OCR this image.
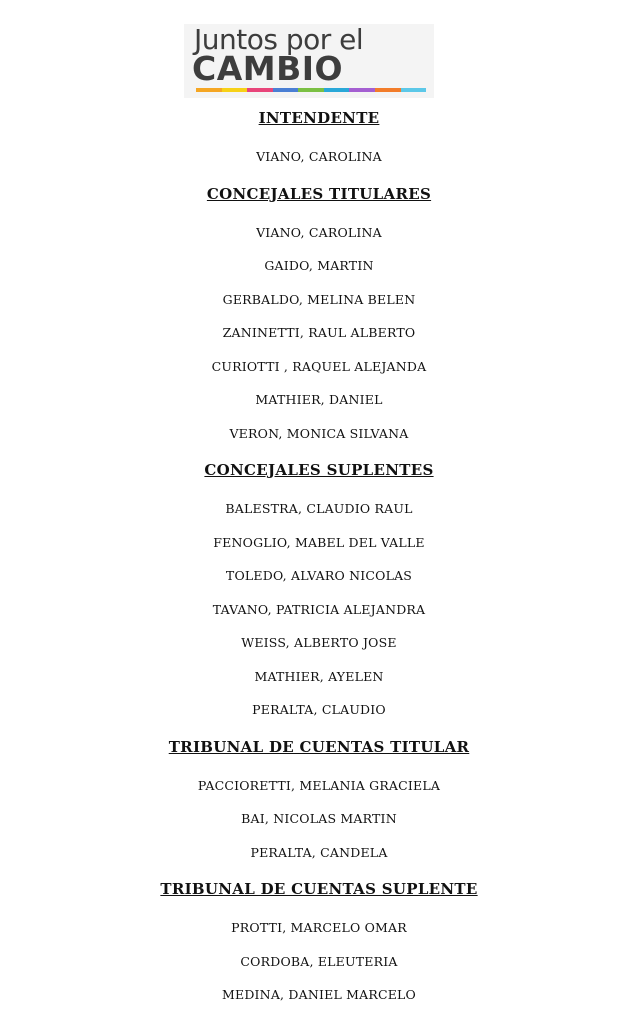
Juntos por el
CAMBIO
INTENDENTE
VIANO, CAROLINA
CONCEJALES TITULARES
VIANO, CAROLINA
GAIDO, MARTIN
GERBALDO, MELINA BELEN
ZANINETTI, RAUL ALBERTO
CURIOTTI , RAQUEL ALEJANDA
MATHIER, DANIEL
VERON, MONICA SILVANA
CONCEJALES SUPLENTES
BALESTRA, CLAUDIO RAUL
FENOGLIO, MABEL DEL VALLE
TOLEDO, ALVARO NICOLAS
TAVANO, PATRICIA ALEJANDRA
WEISS, ALBERTO JOSE
MATHIER, AYELEN
PERALTA, CLAUDIO
TRIBUNAL DE CUENTAS TITULAR
PACCIORETTI, MELANIA GRACIELA
BAI, NICOLAS MARTIN
PERALTA, CANDELA
TRIBUNAL DE CUENTAS SUPLENTE
PROTTI, MARCELO OMAR
CORDOBA, ELEUTERIA
MEDINA, DANIEL MARCELO
